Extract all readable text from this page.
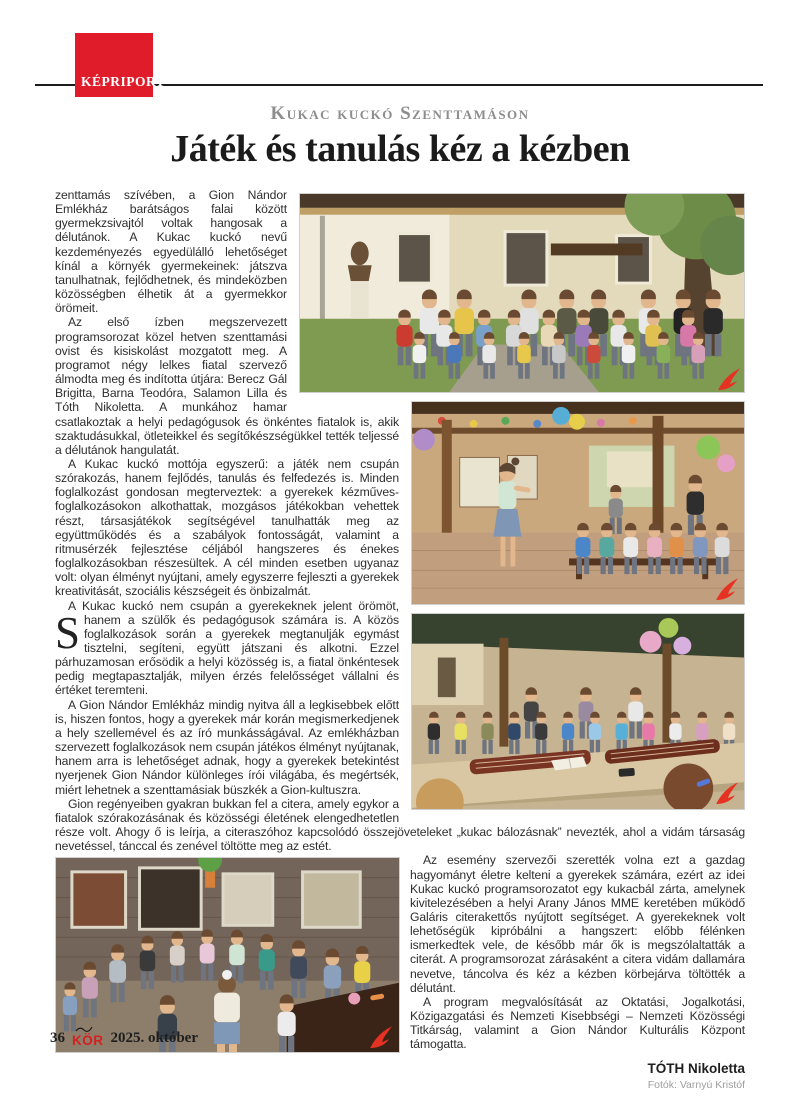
KÉPRIPORT
Kukac kuckó Szenttamáson
Játék és tanulás kéz a kézben

S
zenttamás szívében, a Gion Nándor Emlékház barátságos falai között gyermekzsivajtól voltak hangosak a délutánok. A Kukac kuckó nevű kezdeményezés egyedülálló lehetőséget kínál a környék gyermekeinek: játszva tanulhatnak, fejlődhetnek, és mindeközben közösségben élhetik át a gyermekkor örömeit.

Az első ízben megszervezett programsorozat közel hetven szenttamási ovist és kisiskolást mozgatott meg. A programot négy lelkes fiatal szervező álmodta meg és indította útjára: Berecz Gál Brigitta, Barna Teodóra, Salamon Lilla és Tóth Nikoletta. A munkához hamar csatlakoztak a helyi pedagógusok és önkéntes fiatalok is, akik szaktudásukkal, ötleteikkel és segítőkészségükkel tették teljessé a délutánok hangulatát.

A Kukac kuckó mottója egyszerű: a játék nem csupán szórakozás, hanem fejlődés, tanulás és felfedezés is. Minden foglalkozást gondosan megterveztek: a gyerekek kézműves-foglalkozásokon alkothattak, mozgásos játékokban vehettek részt, társasjátékok segítségével tanulhatták meg az együttműködés és a szabályok fontosságát, valamint a ritmusérzék fejlesztése céljából hangszeres és énekes foglalkozásokban részesültek. A cél minden esetben ugyanaz volt: olyan élményt nyújtani, amely egyszerre fejleszti a gyerekek kreativitását, szociális készségeit és önbizalmát.

A Kukac kuckó nem csupán a gyerekeknek jelent örömöt, hanem a szülők és pedagógusok számára is. A közös foglalkozások során a gyerekek megtanulják egymást tisztelni, segíteni, együtt játszani és alkotni. Ezzel párhuzamosan erősödik a helyi közösség is, a fiatal önkéntesek pedig megtapasztalják, milyen érzés felelősséget vállalni és értéket teremteni.

A Gion Nándor Emlékház mindig nyitva áll a legkisebbek előtt is, hiszen fontos, hogy a gyerekek már korán megismerkedjenek a hely szellemével és az író munkásságával. Az emlékházban szervezett foglalkozások nem csupán játékos élményt nyújtanak, hanem arra is lehetőséget adnak, hogy a gyerekek betekintést nyerjenek Gion Nándor különleges írói világába, és megértsék, miért lehetnek a szenttamásiak büszkék a Gion-kultuszra.

Gion regényeiben gyakran bukkan fel a citera, amely egykor a fiatalok szórakozásának és közösségi életének elengedhetetlen része volt. Ahogy ő is leírja, a citeraszóhoz kapcsolódó összejöveteleket „kukac bálozásnak” nevezték, ahol a vidám társaság nevetéssel, tánccal és zenével töltötte meg az estét.

Az esemény szervezői szerették volna ezt a gazdag hagyományt életre kelteni a gyerekek számára, ezért az idei Kukac kuckó programsorozatot egy kukacbál zárta, amelynek kivitelezésében a helyi Arany János MME keretében működő Galáris citerakettős nyújtott segítséget. A gyerekeknek volt lehetőségük kipróbálni a hangszert: előbb félénken ismerkedtek vele, de később már ők is megszólaltatták a citerát. A programsorozat zárásaként a citera vidám dallamára nevetve, táncolva és kéz a kézben körbejárva töltötték a délutánt.

A program megvalósítását az Oktatási, Jogalkotási, Közigazgatási és Nemzeti Kisebbségi – Nemzeti Közösségi Titkárság, valamint a Gion Nándor Kulturális Központ támogatta.

TÓTH Nikoletta
Fotók: Varnyú Kristóf
36 KÖR 2025. október
